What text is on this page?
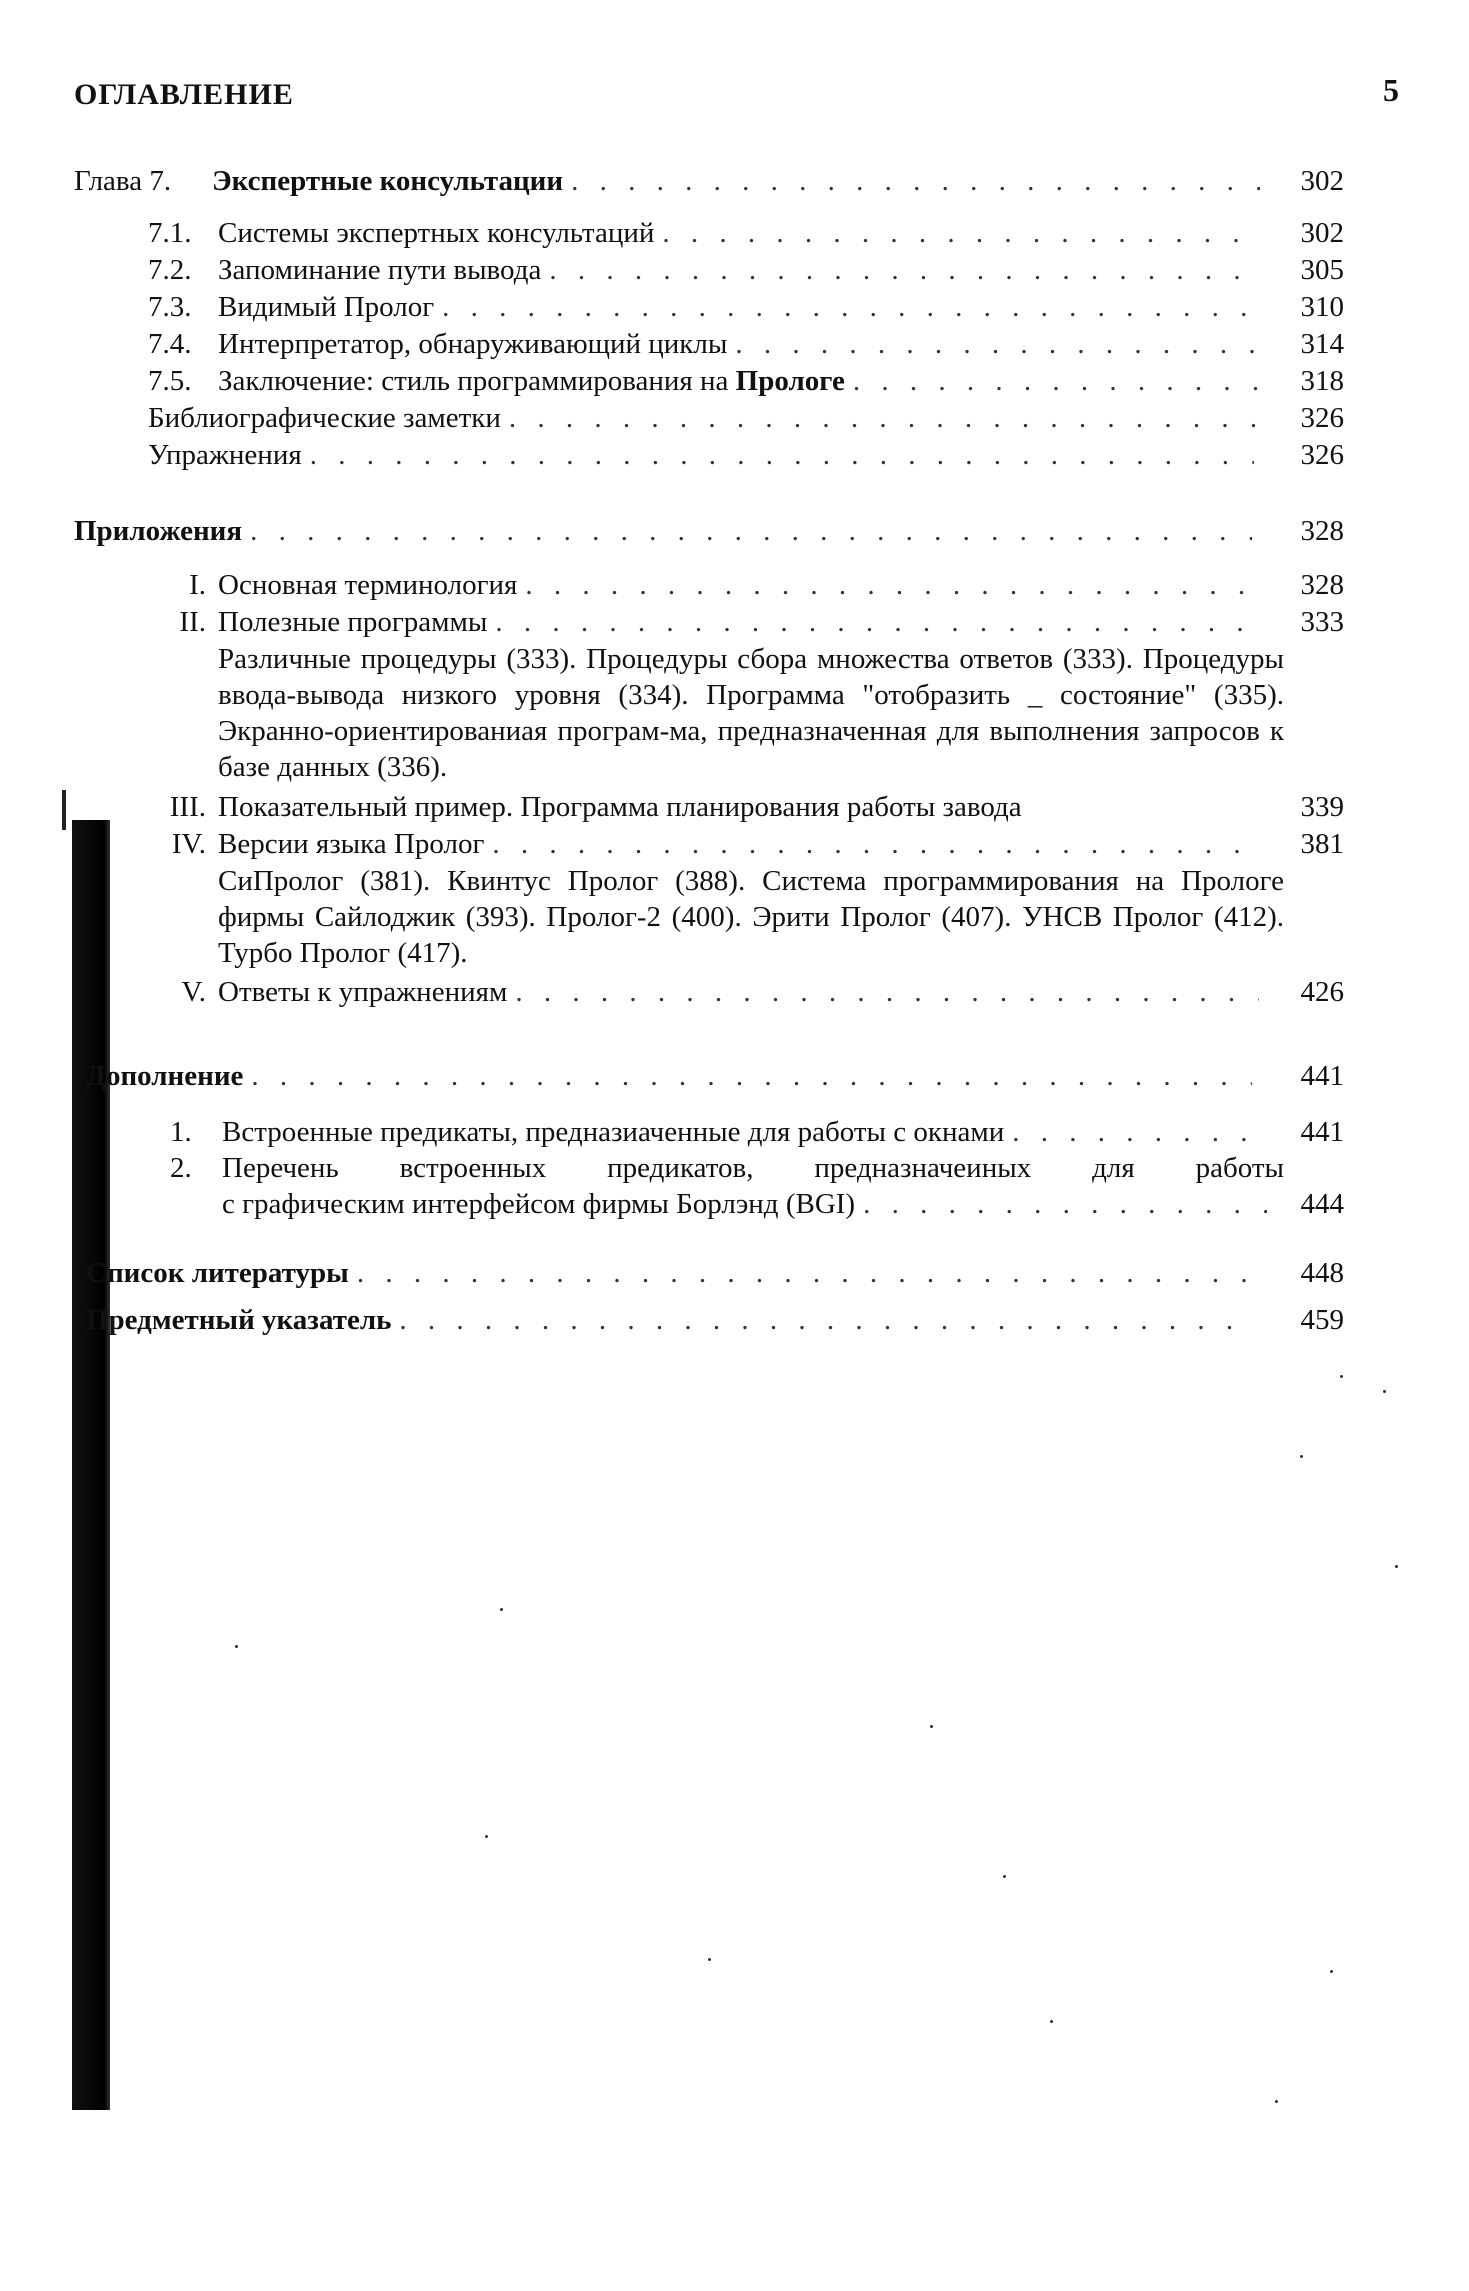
ОГЛАВЛЕНИЕ	5
Глава 7.	Экспертные консультации . . .	302
7.1. Системы экспертных консультаций . . .	302
7.2. Запоминание пути вывода . . .	305
7.3. Видимый Пролог . . .	310
7.4. Интерпретатор, обнаруживающий циклы . . .	314
7.5. Заключение: стиль программирования на Прологе . . .	318
Библиографические заметки . . .	326
Упражнения . . .	326
Приложения . . .	328
I. Основная терминология . . .	328
II. Полезные программы . . .	333
Различные процедуры (333). Процедуры сбора множества ответов (333). Процедуры ввода-вывода низкого уровня (334). Программа "отобразить _ состояние" (335). Экранно-ориентированиая програм-ма, предназначенная для выполнения запросов к базе данных (336).
III. Показательный пример. Программа планирования работы завода	339
IV. Версии языка Пролог . . .	381
СиПролог (381). Квинтус Пролог (388). Система программирования на Прологе фирмы Сайлоджик (393). Пролог-2 (400). Эрити Пролог (407). УНСВ Пролог (412). Турбо Пролог (417).
V. Ответы к упражнениям . . .	426
Дополнение . . .	441
1.	Встроенные предикаты, предназиаченные для работы с окнами . . .	441
2.	Перечень встроенных предикатов, предназначеиных для работы
с графическим интерфейсом фирмы Борлэнд (BGI) . . .	444
Список литературы . . .	448
Предметный указатель . . .	459
